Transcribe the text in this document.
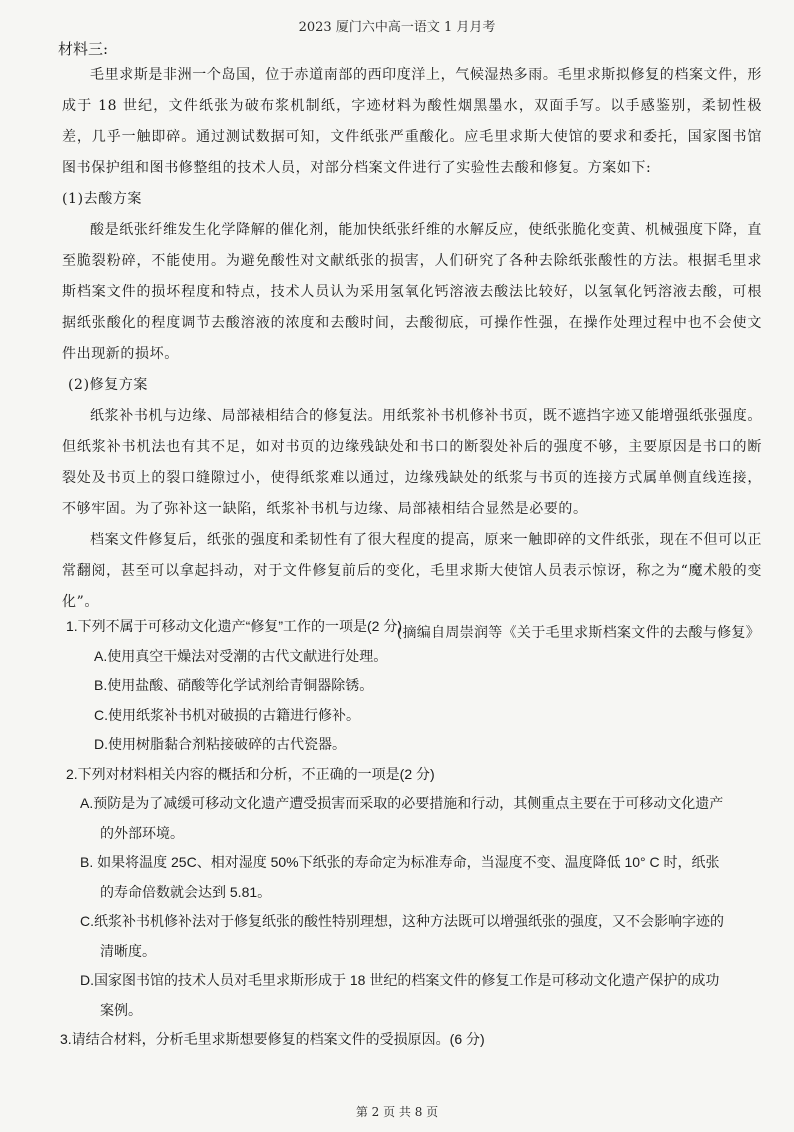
2023 厦门六中高一语文 1 月月考
材料三:

毛里求斯是非洲一个岛国，位于赤道南部的西印度洋上，气候湿热多雨。毛里求斯拟修复的档案文件，形成于 18 世纪，文件纸张为破布浆机制纸，字迹材料为酸性烟黑墨水，双面手写。以手感鉴别，柔韧性极差，几乎一触即碎。通过测试数据可知，文件纸张严重酸化。应毛里求斯大使馆的要求和委托，国家图书馆图书保护组和图书修整组的技术人员，对部分档案文件进行了实验性去酸和修复。方案如下:

(1)去酸方案

酸是纸张纤维发生化学降解的催化剂，能加快纸张纤维的水解反应，使纸张脆化变黄、机械强度下降，直至脆裂粉碎，不能使用。为避免酸性对文献纸张的损害，人们研究了各种去除纸张酸性的方法。根据毛里求斯档案文件的损坏程度和特点，技术人员认为采用氢氧化钙溶液去酸法比较好，以氢氧化钙溶液去酸，可根据纸张酸化的程度调节去酸溶液的浓度和去酸时间，去酸彻底，可操作性强，在操作处理过程中也不会使文件出现新的损坏。

(2)修复方案

纸浆补书机与边缘、局部裱相结合的修复法。用纸浆补书机修补书页，既不遮挡字迹又能增强纸张强度。但纸浆补书机法也有其不足，如对书页的边缘残缺处和书口的断裂处补后的强度不够，主要原因是书口的断裂处及书页上的裂口缝隙过小，使得纸浆难以通过，边缘残缺处的纸浆与书页的连接方式属单侧直线连接，不够牢固。为了弥补这一缺陷，纸浆补书机与边缘、局部裱相结合显然是必要的。

档案文件修复后，纸张的强度和柔韧性有了很大程度的提高，原来一触即碎的文件纸张，现在不但可以正常翻阅，甚至可以拿起抖动，对于文件修复前后的变化，毛里求斯大使馆人员表示惊讶，称之为“魔术般的变化”。

(摘编自周崇润等《关于毛里求斯档案文件的去酸与修复》

1.下列不属于可移动文化遗产“修复”工作的一项是(2 分)

A.使用真空干燥法对受潮的古代文献进行处理。

B.使用盐酸、硝酸等化学试剂给青铜器除锈。

C.使用纸浆补书机对破损的古籍进行修补。

D.使用树脂黏合剂粘接破碎的古代瓷器。

2.下列对材料相关内容的概括和分析，不正确的一项是(2 分)

A.预防是为了减缓可移动文化遗产遭受损害而采取的必要措施和行动，其侧重点主要在于可移动文化遗产
的外部环境。

B. 如果将温度 25C、相对湿度 50%下纸张的寿命定为标准寿命，当湿度不变、温度降低 10° C 时，纸张
的寿命倍数就会达到 5.81。

C.纸浆补书机修补法对于修复纸张的酸性特别理想，这种方法既可以增强纸张的强度，又不会影响字迹的
清晰度。

D.国家图书馆的技术人员对毛里求斯形成于 18 世纪的档案文件的修复工作是可移动文化遗产保护的成功
案例。

3.请结合材料，分析毛里求斯想要修复的档案文件的受损原因。(6 分)

第 2 页 共 8 页
